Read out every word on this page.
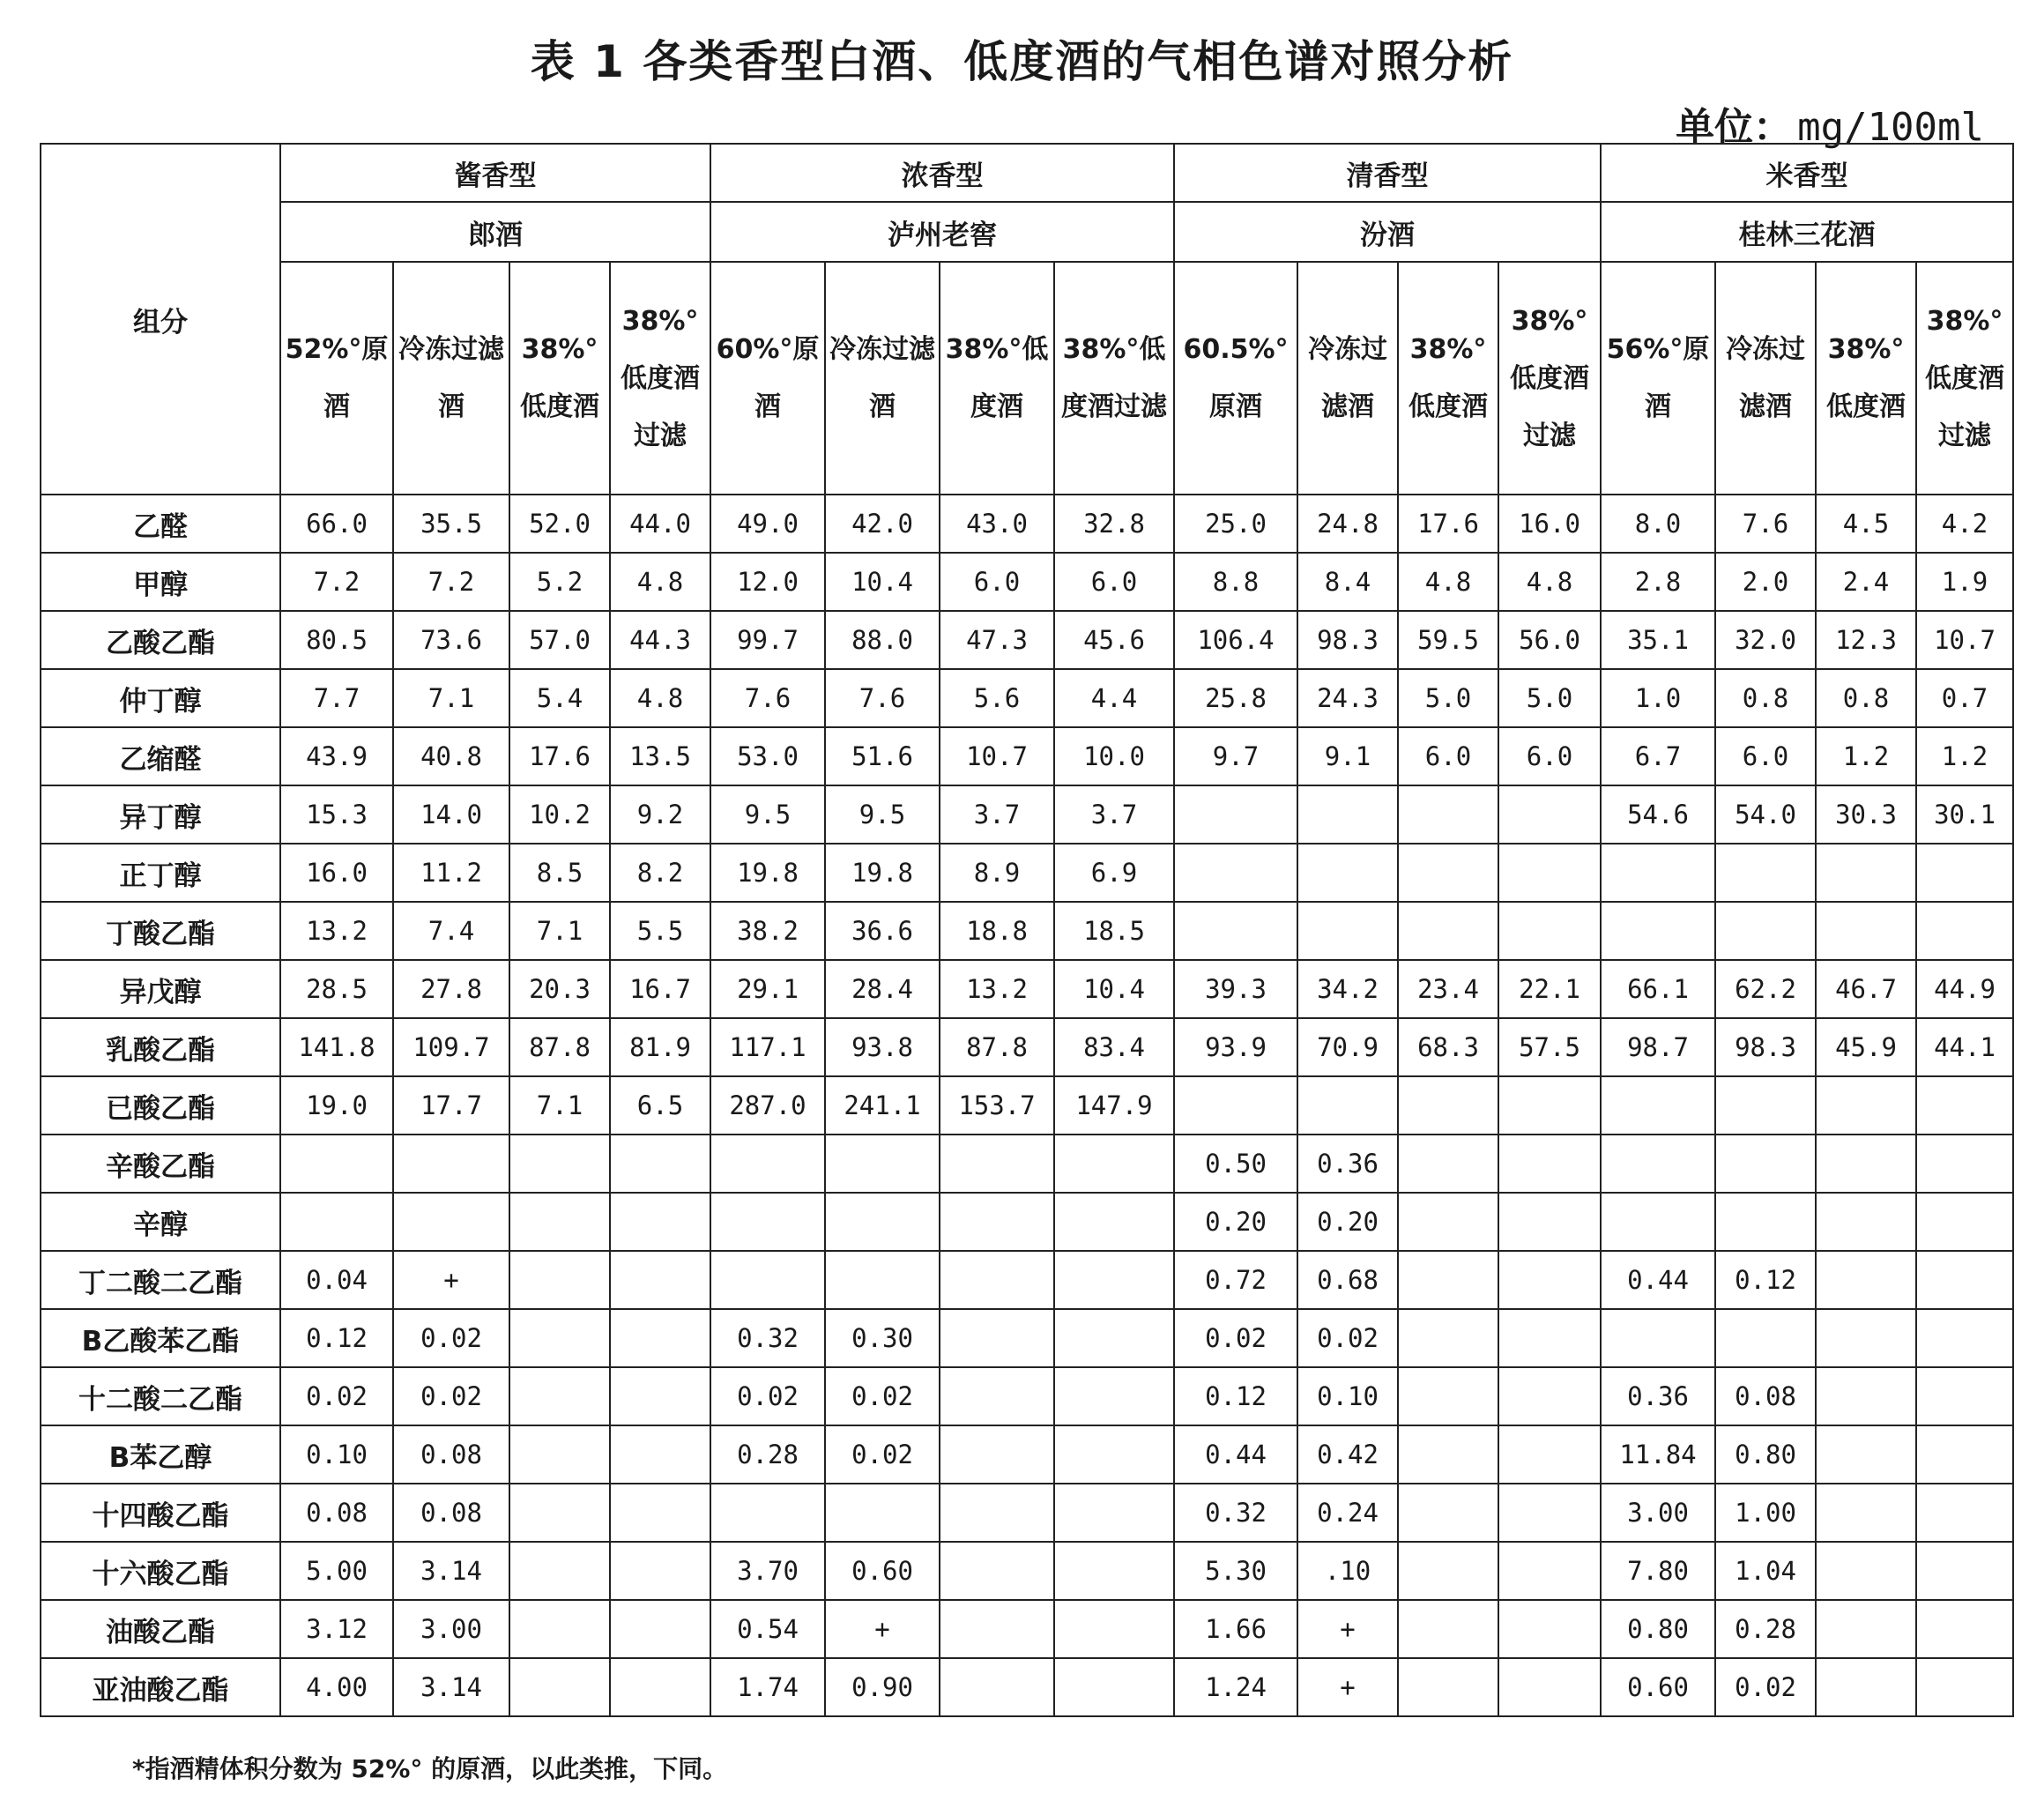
表 1 各类香型白酒、低度酒的气相色谱对照分析
单位： mg/100ml
组分	酱香型				浓香型				清香型				米香型			
	郎酒				泸州老窖				汾酒				桂林三花酒			
	52%°原酒	冷冻过滤酒	38%°低度酒	38%°低度酒过滤	60%°原酒	冷冻过滤酒	38%°低度酒	38%°低度酒过滤	60.5%°原酒	冷冻过滤酒	38%°低度酒	38%°低度酒过滤	56%°原酒	冷冻过滤酒	38%°低度酒	38%°低度酒过滤
乙醛	66.0	35.5	52.0	44.0	49.0	42.0	43.0	32.8	25.0	24.8	17.6	16.0	8.0	7.6	4.5	4.2
甲醇	7.2	7.2	5.2	4.8	12.0	10.4	6.0	6.0	8.8	8.4	4.8	4.8	2.8	2.0	2.4	1.9
乙酸乙酯	80.5	73.6	57.0	44.3	99.7	88.0	47.3	45.6	106.4	98.3	59.5	56.0	35.1	32.0	12.3	10.7
仲丁醇	7.7	7.1	5.4	4.8	7.6	7.6	5.6	4.4	25.8	24.3	5.0	5.0	1.0	0.8	0.8	0.7
乙缩醛	43.9	40.8	17.6	13.5	53.0	51.6	10.7	10.0	9.7	9.1	6.0	6.0	6.7	6.0	1.2	1.2
异丁醇	15.3	14.0	10.2	9.2	9.5	9.5	3.7	3.7					54.6	54.0	30.3	30.1
正丁醇	16.0	11.2	8.5	8.2	19.8	19.8	8.9	6.9								
丁酸乙酯	13.2	7.4	7.1	5.5	38.2	36.6	18.8	18.5								
异戊醇	28.5	27.8	20.3	16.7	29.1	28.4	13.2	10.4	39.3	34.2	23.4	22.1	66.1	62.2	46.7	44.9
乳酸乙酯	141.8	109.7	87.8	81.9	117.1	93.8	87.8	83.4	93.9	70.9	68.3	57.5	98.7	98.3	45.9	44.1
已酸乙酯	19.0	17.7	7.1	6.5	287.0	241.1	153.7	147.9								
辛酸乙酯									0.50	0.36						
辛醇									0.20	0.20						
丁二酸二乙酯	0.04	+							0.72	0.68			0.44	0.12		
Β乙酸苯乙酯	0.12	0.02			0.32	0.30			0.02	0.02						
十二酸二乙酯	0.02	0.02			0.02	0.02			0.12	0.10			0.36	0.08		
Β苯乙醇	0.10	0.08			0.28	0.02			0.44	0.42			11.84	0.80		
十四酸乙酯	0.08	0.08							0.32	0.24			3.00	1.00		
十六酸乙酯	5.00	3.14			3.70	0.60			5.30	.10			7.80	1.04		
油酸乙酯	3.12	3.00			0.54	+			1.66	+			0.80	0.28		
亚油酸乙酯	4.00	3.14			1.74	0.90			1.24	+			0.60	0.02		
*指酒精体积分数为 52%° 的原酒，以此类推，下同。
